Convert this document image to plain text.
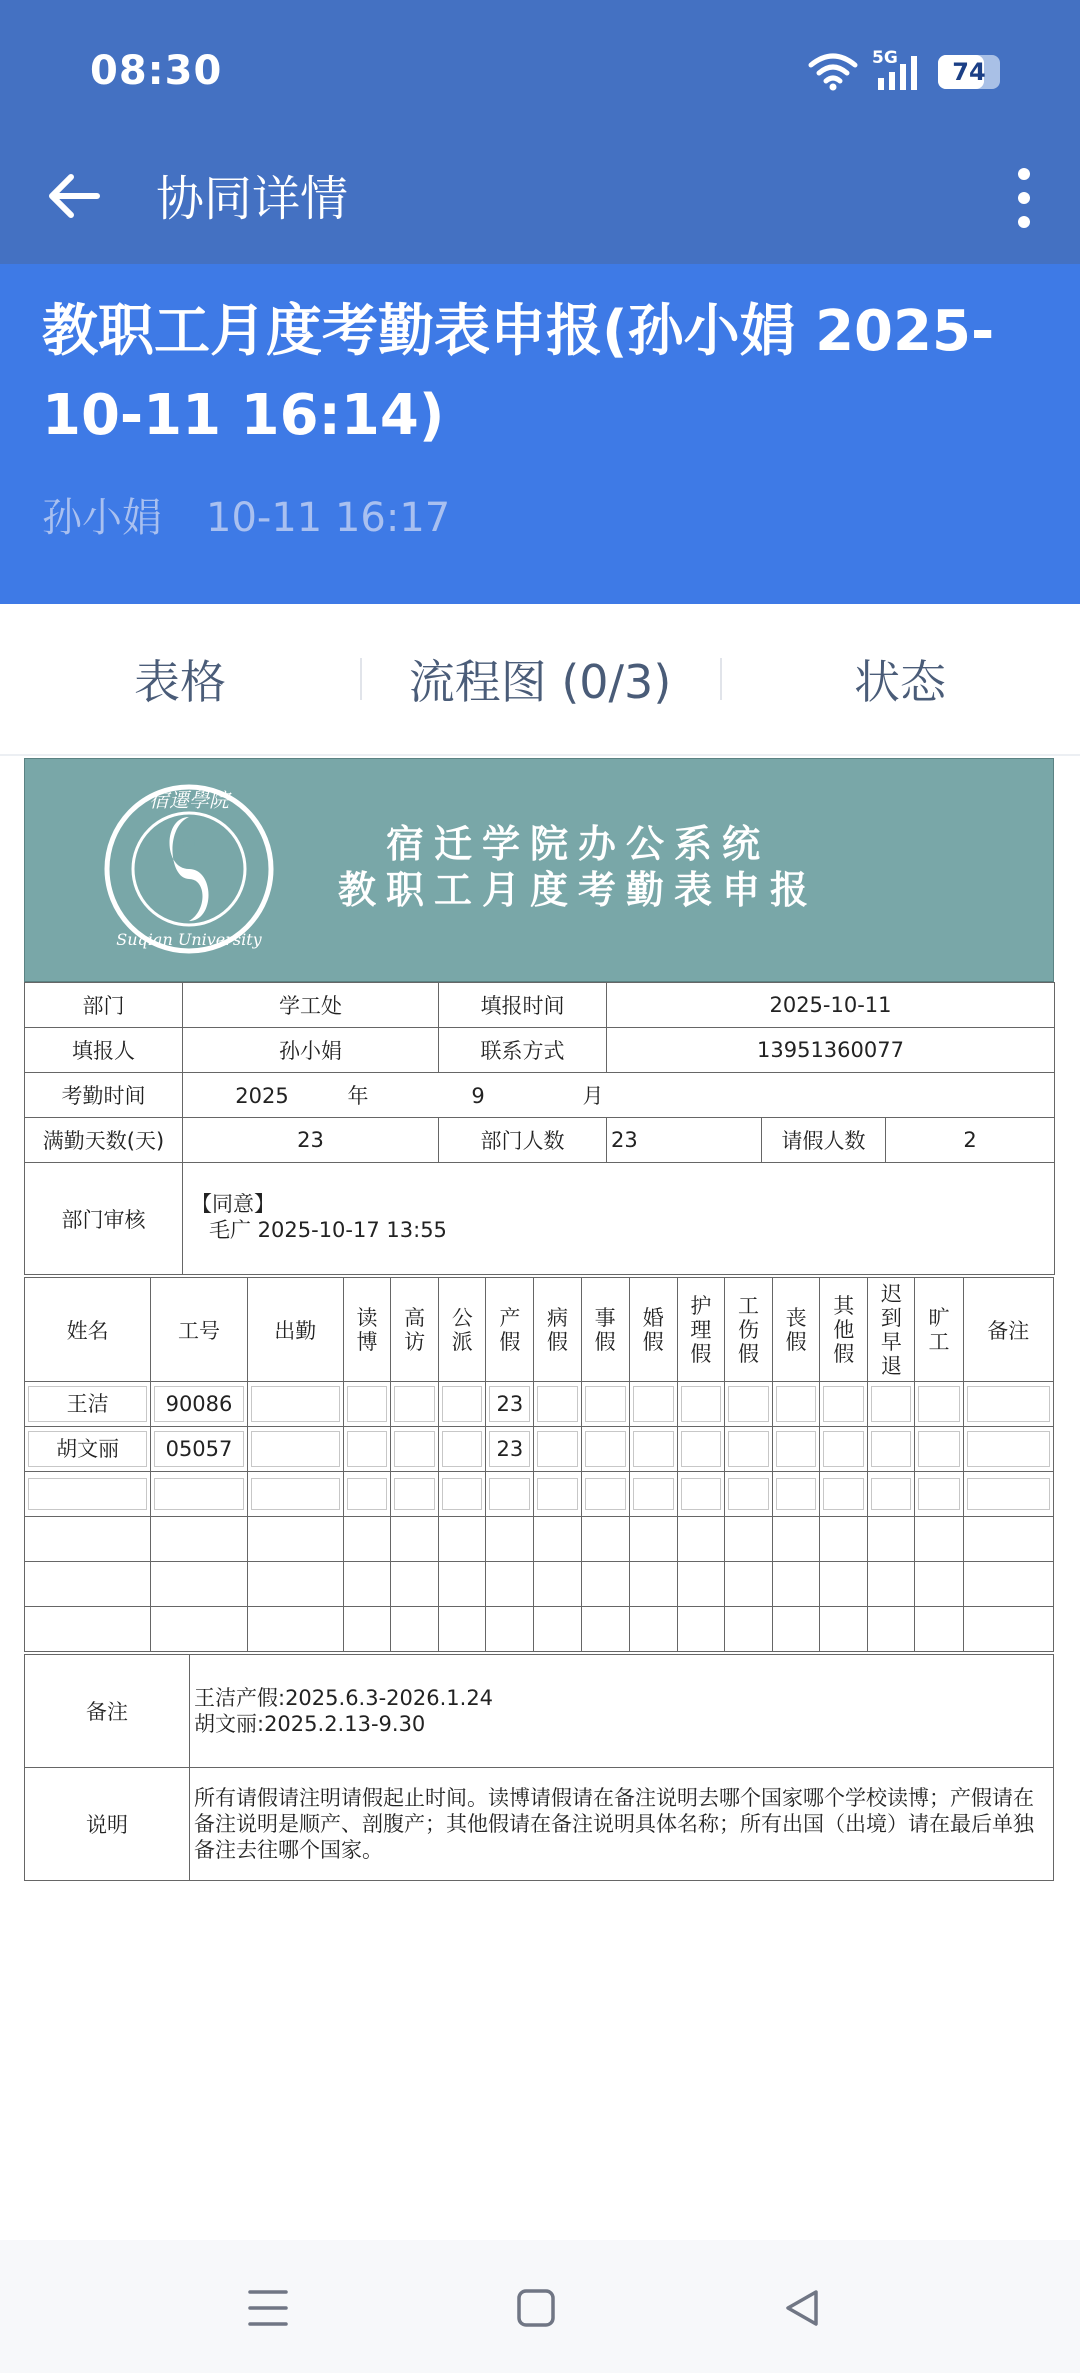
08:30	5G 74
协同详情
教职工月度考勤表申报(孙小娟 2025-10-11 16:14)
孙小娟 10-11 16:17
表格	流程图 (0/3)	状态
宿遷學院
Suqian University
宿迁学院办公系统
教职工月度考勤表申报
部门	学工处	填报时间	2025-10-11		
填报人	孙小娟	联系方式	13951360077		
考勤时间	2025 年 9 月				
满勤天数(天)	23	部门人数	23	请假人数	2
部门审核	【同意】
毛广 2025-10-17 13:55				
姓名	工号	出勤	读博	高访	公派	产假	病假	事假	婚假	护理假	工伤假	丧假	其他假	迟到早退	旷工	备注

王洁	90086					23										

胡文丽	05057					23										

备注	王洁产假:2025.6.3-2026.1.24
胡文丽:2025.2.13-9.30

说明	所有请假请注明请假起止时间。读博请假请在备注说明去哪个国家哪个学校读博；产假请在备注说明是顺产、剖腹产；其他假请在备注说明具体名称；所有出国（出境）请在最后单独备注去往哪个国家。
